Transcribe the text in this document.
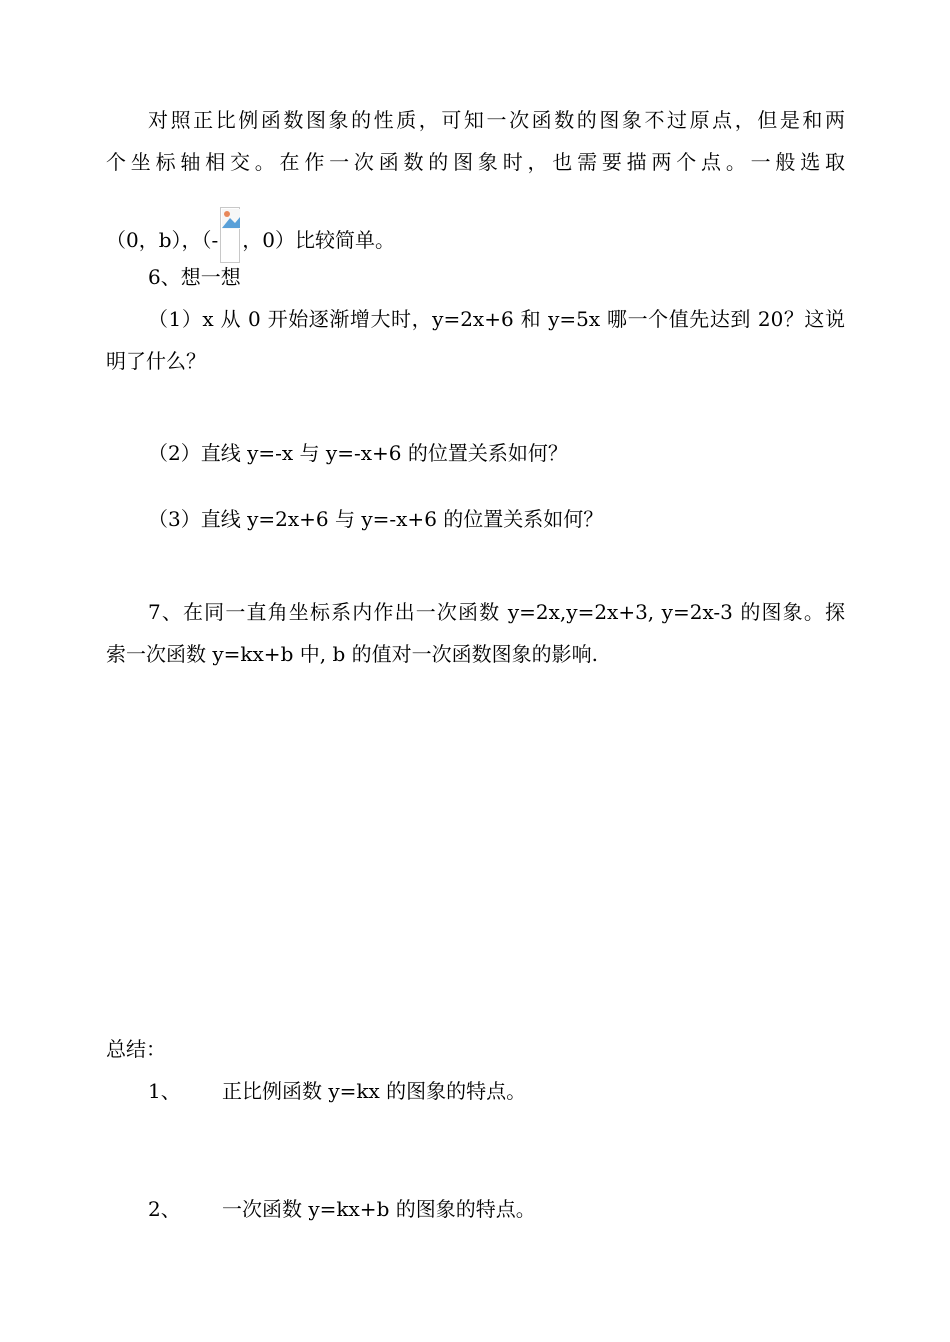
对照正比例函数图象的性质，可知一次函数的图象不过原点，但是和两
个坐标轴相交。在作一次函数的图象时，也需要描两个点。一般选取
（0，b），（- ，0）比较简单。
6、想一想
（1）x 从 0 开始逐渐增大时，y=2x+6 和 y=5x 哪一个值先达到 20？这说
明了什么？
（2）直线 y=-x 与 y=-x+6 的位置关系如何？
（3）直线 y=2x+6 与 y=-x+6 的位置关系如何？
7、在同一直角坐标系内作出一次函数 y=2x,y=2x+3, y=2x-3 的图象。探
索一次函数 y=kx+b 中, b 的值对一次函数图象的影响.
总结：
1、 正比例函数 y=kx 的图象的特点。
2、 一次函数 y=kx+b 的图象的特点。
